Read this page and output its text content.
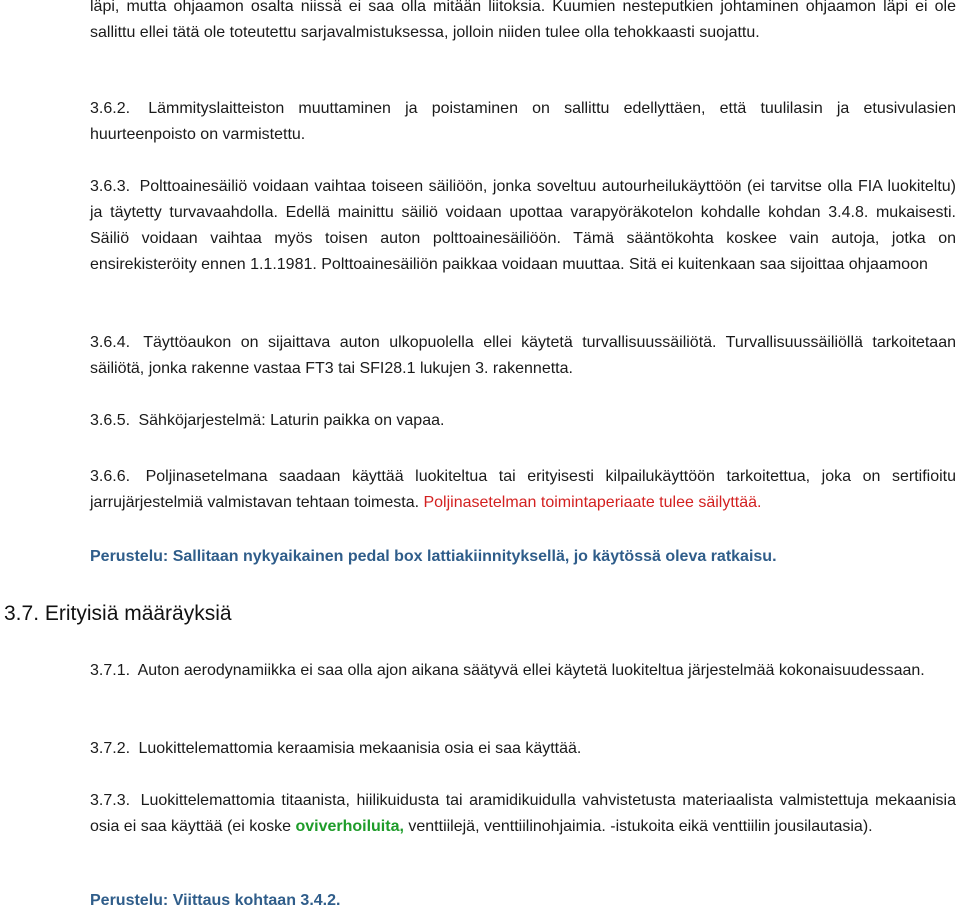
läpi, mutta ohjaamon osalta niissä ei saa olla mitään liitoksia. Kuumien nesteputkien johtaminen ohjaamon läpi ei ole sallittu ellei tätä ole toteutettu sarjavalmistuksessa, jolloin niiden tulee olla tehokkaasti suojattu.

3.6.2. Lämmityslaitteiston muuttaminen ja poistaminen on sallittu edellyttäen, että tuulilasin ja etusivulasien huurteenpoisto on varmistettu.

3.6.3. Polttoainesäiliö voidaan vaihtaa toiseen säiliöön, jonka soveltuu autourheilukäyttöön (ei tarvitse olla FIA luokiteltu) ja täytetty turvavaahdolla. Edellä mainittu säiliö voidaan upottaa varapyöräkotelon kohdalle kohdan 3.4.8. mukaisesti. Säiliö voidaan vaihtaa myös toisen auton polttoainesäiliöön. Tämä sääntökohta koskee vain autoja, jotka on ensirekisteröity ennen 1.1.1981. Polttoainesäiliön paikkaa voidaan muuttaa. Sitä ei kuitenkaan saa sijoittaa ohjaamoon

3.6.4. Täyttöaukon on sijaittava auton ulkopuolella ellei käytetä turvallisuussäiliötä. Turvallisuussäiliöllä tarkoitetaan säiliötä, jonka rakenne vastaa FT3 tai SFI28.1 lukujen 3. rakennetta.

3.6.5. Sähköjarjestelmä: Laturin paikka on vapaa.

3.6.6. Poljinasetelmana saadaan käyttää luokiteltua tai erityisesti kilpailukäyttöön tarkoitettua, joka on sertifioitu jarrujärjestelmiä valmistavan tehtaan toimesta. Poljinasetelman toimintaperiaate tulee säilyttää.

Perustelu: Sallitaan nykyaikainen pedal box lattiakiinnityksellä, jo käytössä oleva ratkaisu.

3.7. Erityisiä määräyksiä

3.7.1. Auton aerodynamiikka ei saa olla ajon aikana säätyvä ellei käytetä luokiteltua järjestelmää kokonaisuudessaan.

3.7.2. Luokittelemattomia keraamisia mekaanisia osia ei saa käyttää.

3.7.3. Luokittelemattomia titaanista, hiilikuidusta tai aramidikuidulla vahvistetusta materiaalista valmistettuja mekaanisia osia ei saa käyttää (ei koske oviverhoiluita, venttiilejä, venttiilinohjaimia. -istukoita eikä venttiilin jousilautasia).

Perustelu: Viittaus kohtaan 3.4.2.
